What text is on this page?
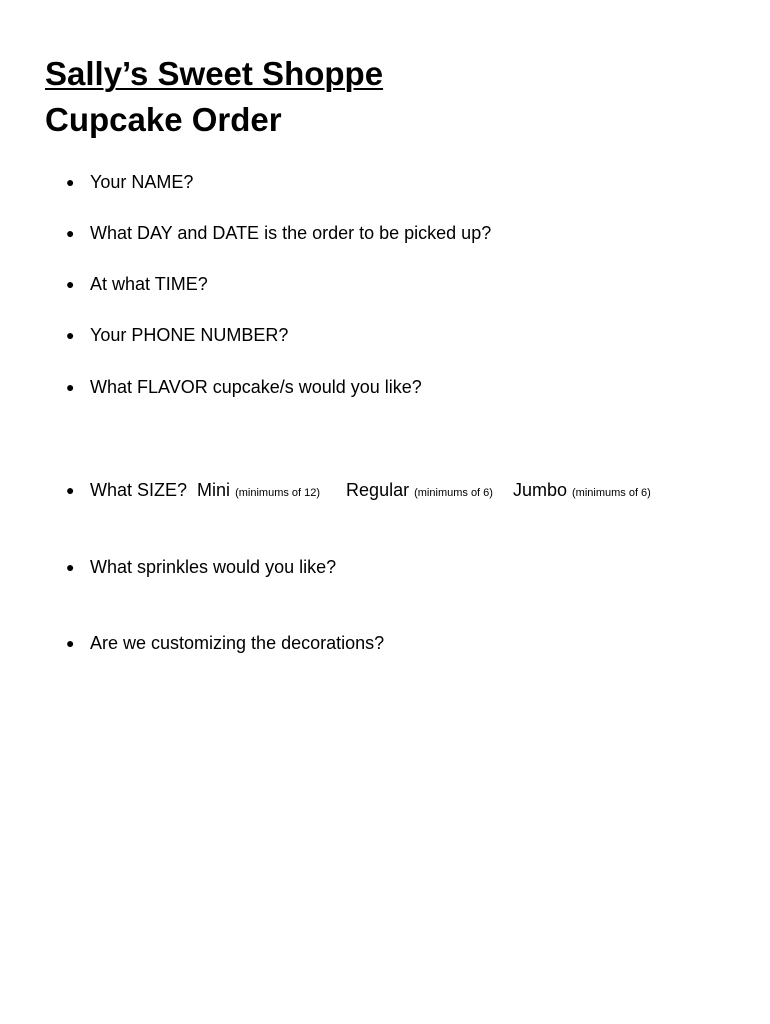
Sally’s Sweet Shoppe
Cupcake Order
● Your NAME?
● What DAY and DATE is the order to be picked up?
● At what TIME?
● Your PHONE NUMBER?
● What FLAVOR cupcake/s would you like?
● What SIZE? Mini (minimums of 12) Regular (minimums of 6) Jumbo (minimums of 6)
● What sprinkles would you like?
● Are we customizing the decorations?
